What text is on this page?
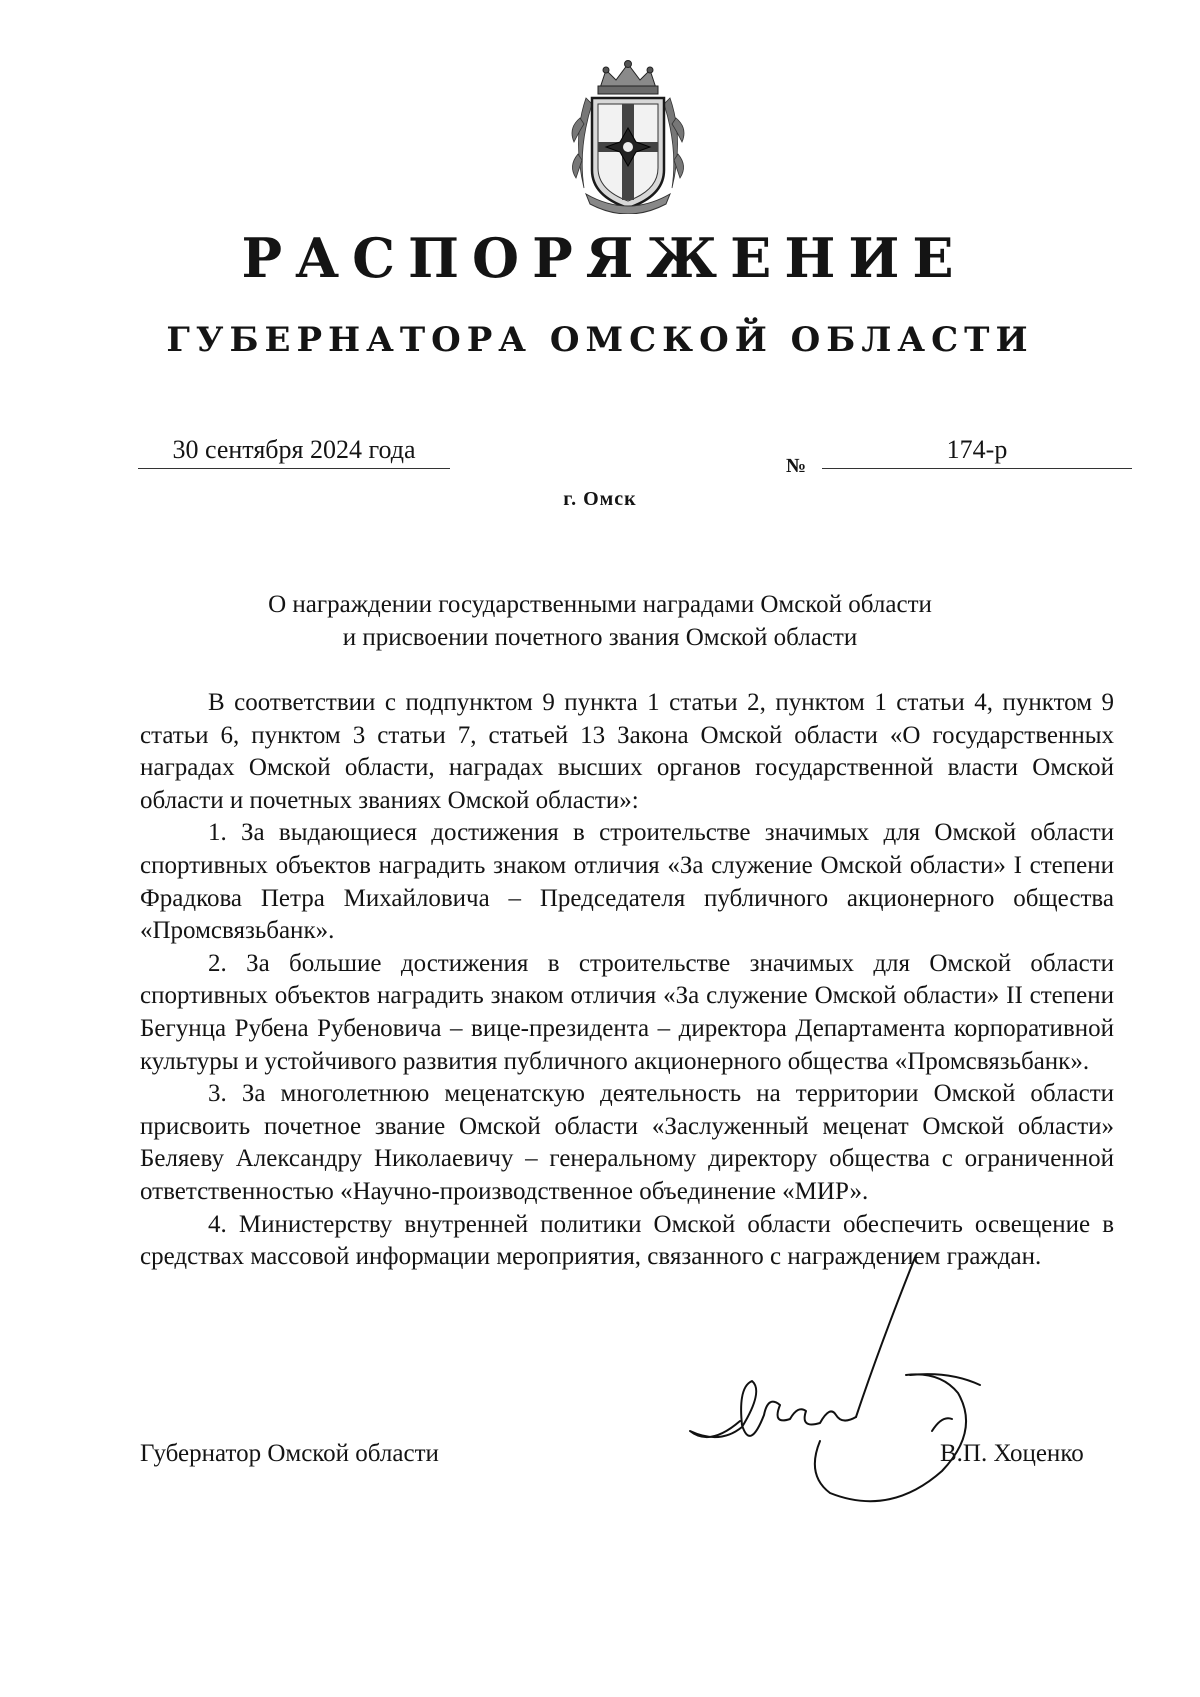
РАСПОРЯЖЕНИЕ
ГУБЕРНАТОРА ОМСКОЙ ОБЛАСТИ
30 сентября 2024 года
№
174-р
г. Омск
О награждении государственными наградами Омской области
и присвоении почетного звания Омской области

В соответствии с подпунктом 9 пункта 1 статьи 2, пунктом 1 статьи 4, пунктом 9 статьи 6, пунктом 3 статьи 7, статьей 13 Закона Омской области «О государственных наградах Омской области, наградах высших органов государственной власти Омской области и почетных званиях Омской области»:

1. За выдающиеся достижения в строительстве значимых для Омской области спортивных объектов наградить знаком отличия «За служение Омской области» I степени Фрадкова Петра Михайловича – Председателя публичного акционерного общества «Промсвязьбанк».

2. За большие достижения в строительстве значимых для Омской области спортивных объектов наградить знаком отличия «За служение Омской области» II степени Бегунца Рубена Рубеновича – вице-президента – директора Департамента корпоративной культуры и устойчивого развития публичного акционерного общества «Промсвязьбанк».

3. За многолетнюю меценатскую деятельность на территории Омской области присвоить почетное звание Омской области «Заслуженный меценат Омской области» Беляеву Александру Николаевичу – генеральному директору общества с ограниченной ответственностью «Научно-производственное объединение «МИР».

4. Министерству внутренней политики Омской области обеспечить освещение в средствах массовой информации мероприятия, связанного с награждением граждан.

Губернатор Омской области	В.П. Хоценко
